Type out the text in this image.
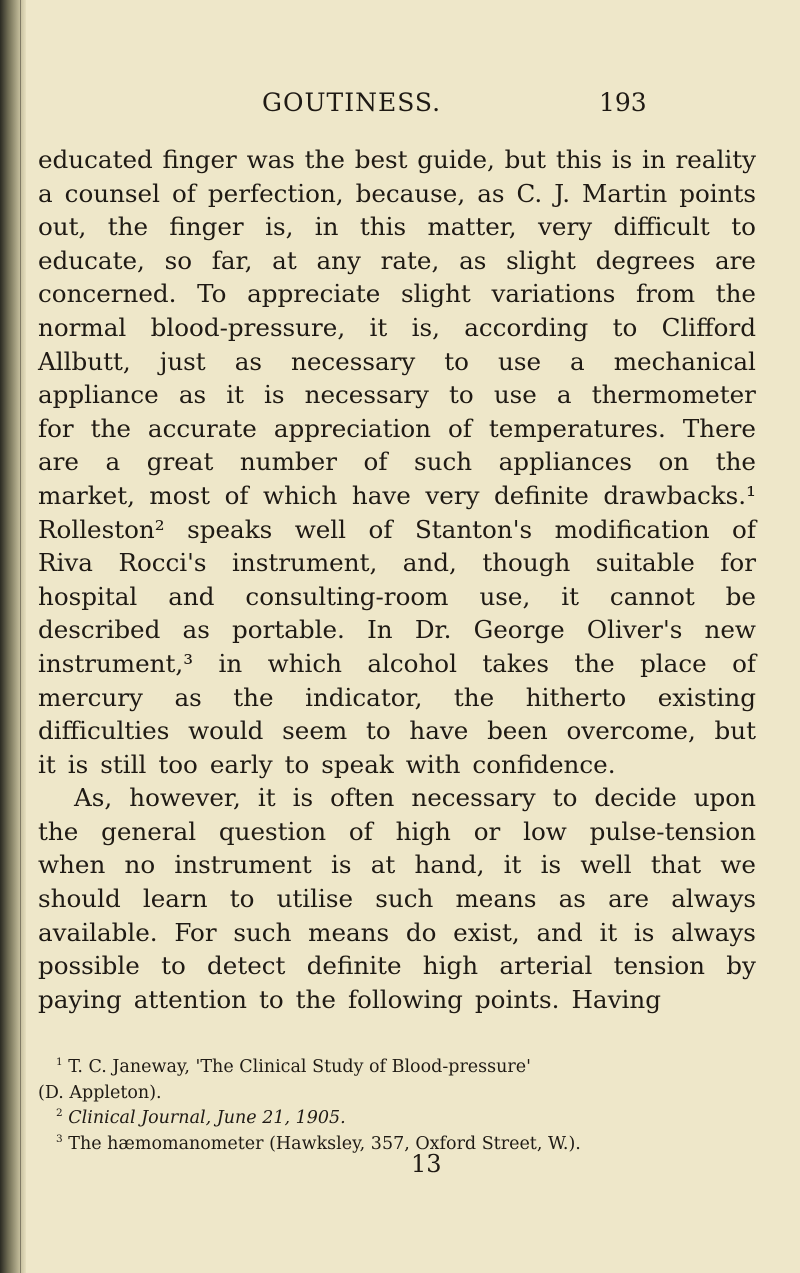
GOUTINESS.	193
educated finger was the best guide, but this is in reality
a counsel of perfection, because, as C. J. Martin points
out, the finger is, in this matter, very difficult to
educate, so far, at any rate, as slight degrees are
concerned. To appreciate slight variations from the
normal blood-pressure, it is, according to Clifford
Allbutt, just as necessary to use a mechanical
appliance as it is necessary to use a thermometer
for the accurate appreciation of temperatures. There
are a great number of such appliances on the
market, most of which have very definite drawbacks.¹
Rolleston² speaks well of Stanton's modification of
Riva Rocci's instrument, and, though suitable for
hospital and consulting-room use, it cannot be
described as portable. In Dr. George Oliver's new
instrument,³ in which alcohol takes the place of
mercury as the indicator, the hitherto existing
difficulties would seem to have been overcome, but
it is still too early to speak with confidence.
As, however, it is often necessary to decide upon
the general question of high or low pulse-tension
when no instrument is at hand, it is well that we
should learn to utilise such means as are always
available. For such means do exist, and it is always
possible to detect definite high arterial tension by
paying attention to the following points. Having
$^1$ T. C. Janeway, 'The Clinical Study of Blood-pressure'
(D. Appleton).
$^2$ Clinical Journal, June 21, 1905.
$^3$ The hæmomanometer (Hawksley, 357, Oxford Street, W.).
13
